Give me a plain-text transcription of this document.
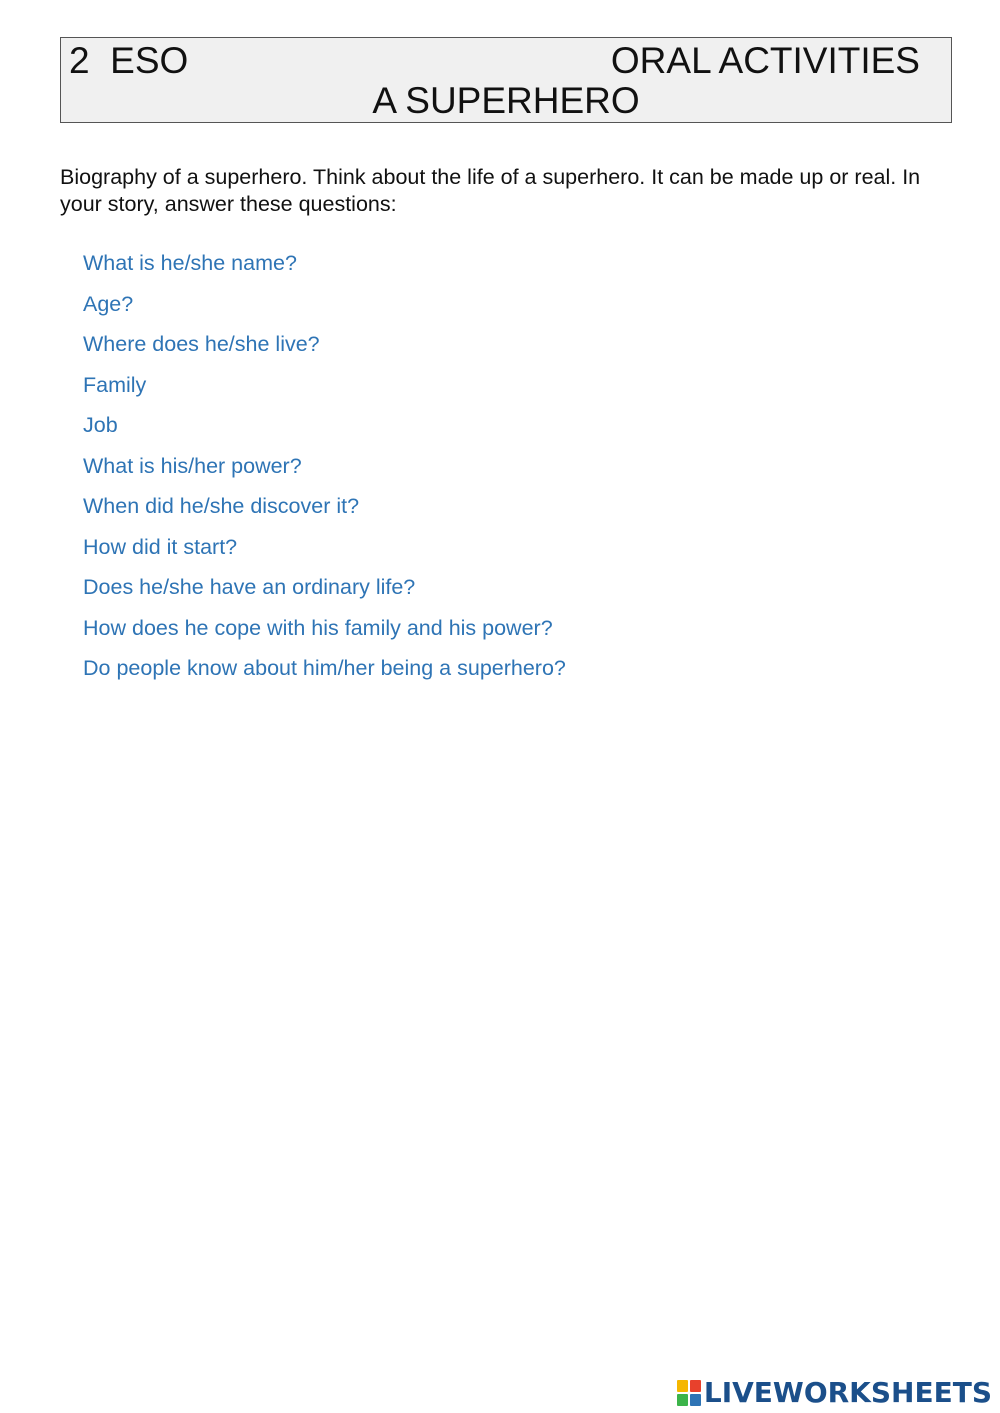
2  ESO	ORAL ACTIVITIES
A SUPERHERO
Biography of a superhero. Think about the life of a superhero. It can be made up or real. In your story, answer these questions:
What is he/she name?
Age?
Where does he/she live?
Family
Job
What is his/her power?
When did he/she discover it?
How did it start?
Does he/she have an ordinary life?
How does he cope with his family and his power?
Do people know about him/her being a superhero?
LIVEWORKSHEETS
